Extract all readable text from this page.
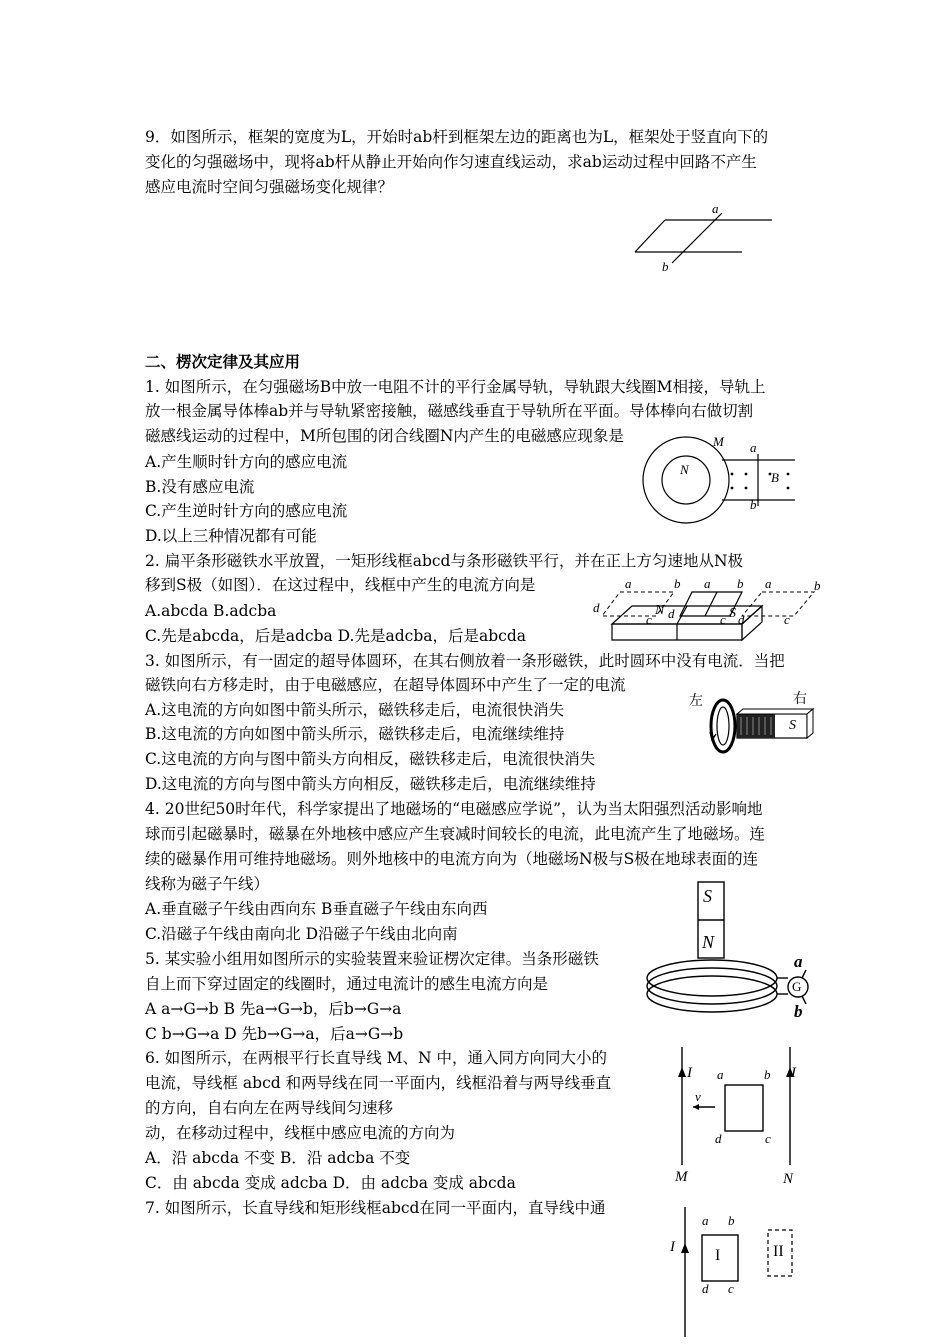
9．如图所示，框架的宽度为L，开始时ab杆到框架左边的距离也为L，框架处于竖直向下的
变化的匀强磁场中，现将ab杆从静止开始向作匀速直线运动，求ab运动过程中回路不产生
感应电流时空间匀强磁场变化规律？
a
b
二、楞次定律及其应用
1. 如图所示，在匀强磁场B中放一电阻不计的平行金属导轨，导轨跟大线圈M相接，导轨上
放一根金属导体棒ab并与导轨紧密接触，磁感线垂直于导轨所在平面。导体棒向右做切割
磁感线运动的过程中，M所包围的闭合线圈N内产生的电磁感应现象是
A.产生顺时针方向的感应电流
B.没有感应电流
C.产生逆时针方向的感应电流
D.以上三种情况都有可能
M
N
a
B
b
2. 扁平条形磁铁水平放置，一矩形线框abcd与条形磁铁平行，并在正上方匀速地从N极
移到S极（如图）．在这过程中，线框中产生的电流方向是
A.abcda B.adcba
C.先是abcda，后是adcba D.先是adcba，后是abcda
a	b a b a	b
d	N d	S
c	c d	c
3. 如图所示，有一固定的超导体圆环，在其右侧放着一条形磁铁，此时圆环中没有电流．当把
磁铁向右方移走时，由于电磁感应，在超导体圆环中产生了一定的电流
A.这电流的方向如图中箭头所示，磁铁移走后，电流很快消失
B.这电流的方向如图中箭头所示，磁铁移走后，电流继续维持
C.这电流的方向与图中箭头方向相反，磁铁移走后，电流很快消失
D.这电流的方向与图中箭头方向相反，磁铁移走后，电流继续维持
左	右
S
4. 20世纪50时年代，科学家提出了地磁场的“电磁感应学说”，认为当太阳强烈活动影响地
球而引起磁暴时，磁暴在外地核中感应产生衰减时间较长的电流，此电流产生了地磁场。连
续的磁暴作用可维持地磁场。则外地核中的电流方向为（地磁场N极与S极在地球表面的连
线称为磁子午线）
A.垂直磁子午线由西向东 B垂直磁子午线由东向西
C.沿磁子午线由南向北 D沿磁子午线由北向南
5. 某实验小组用如图所示的实验装置来验证楞次定律。当条形磁铁
自上而下穿过固定的线圈时，通过电流计的感生电流方向是
A a→G→b B 先a→G→b，后b→G→a
C b→G→a D 先b→G→a，后a→G→b
S
N
G
a
b
6. 如图所示，在两根平行长直导线 M、N 中，通入同方向同大小的
电流，导线框 abcd 和两导线在同一平面内，线框沿着与两导线垂直
的方向，自右向左在两导线间匀速移
动，在移动过程中，线框中感应电流的方向为
A．沿 abcda 不变 B．沿 adcba 不变
C．由 abcda 变成 adcba D．由 adcba 变成 abcda
I	I
a	b
v
d	c
M	N
7. 如图所示，长直导线和矩形线框abcd在同一平面内，直导线中通
I
a b
I	II
d c
